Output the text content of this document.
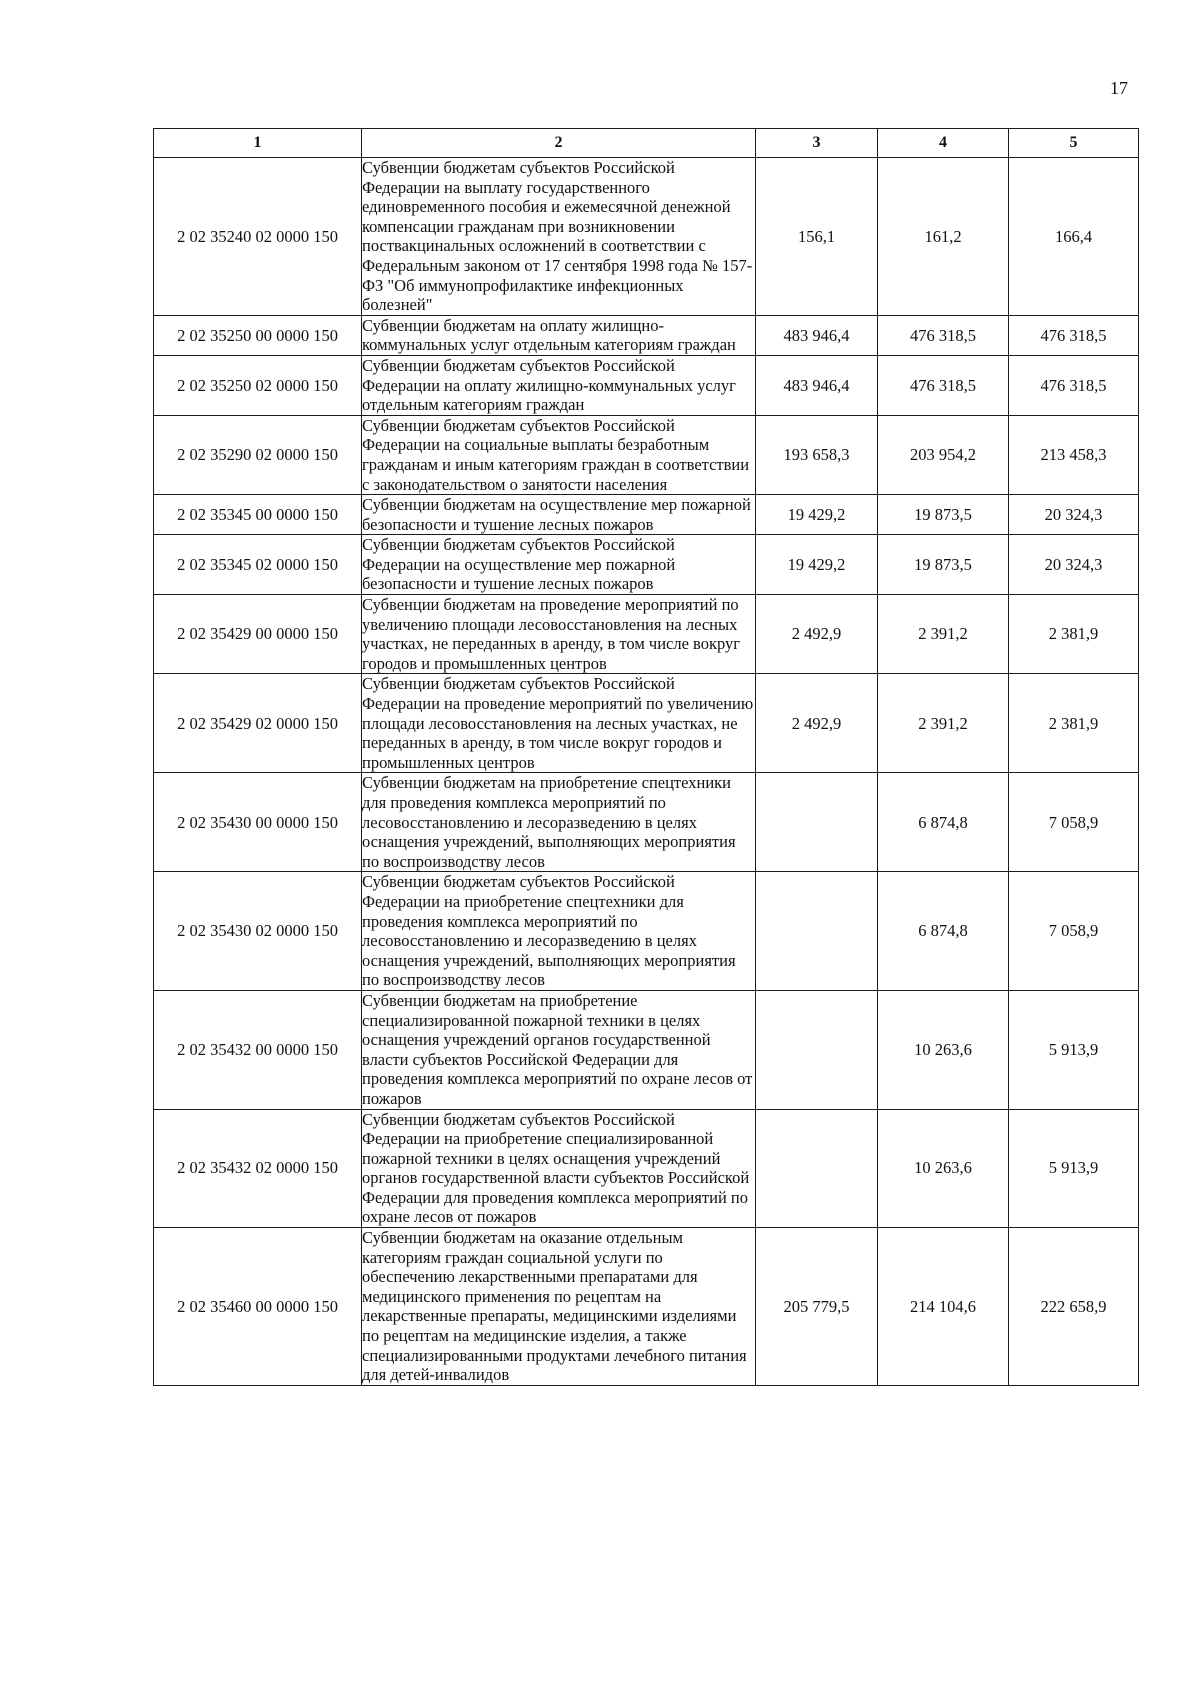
17
1	2	3	4	5
2 02 35240 02 0000 150	Субвенции бюджетам субъектов Российской Федерации на выплату государственного единовременного пособия и ежемесячной денежной компенсации гражданам при возникновении поствакцинальных осложнений в соответствии с Федеральным законом от 17 сентября 1998 года № 157-ФЗ "Об иммунопрофилактике инфекционных болезней"	156,1	161,2	166,4
2 02 35250 00 0000 150	Субвенции бюджетам на оплату жилищно-коммунальных услуг отдельным категориям граждан	483 946,4	476 318,5	476 318,5
2 02 35250 02 0000 150	Субвенции бюджетам субъектов Российской Федерации на оплату жилищно-коммунальных услуг отдельным категориям граждан	483 946,4	476 318,5	476 318,5
2 02 35290 02 0000 150	Субвенции бюджетам субъектов Российской Федерации на социальные выплаты безработным гражданам и иным категориям граждан в соответствии с законодательством о занятости населения	193 658,3	203 954,2	213 458,3
2 02 35345 00 0000 150	Субвенции бюджетам на осуществление мер пожарной безопасности и тушение лесных пожаров	19 429,2	19 873,5	20 324,3
2 02 35345 02 0000 150	Субвенции бюджетам субъектов Российской Федерации на осуществление мер пожарной безопасности и тушение лесных пожаров	19 429,2	19 873,5	20 324,3
2 02 35429 00 0000 150	Субвенции бюджетам на проведение мероприятий по увеличению площади лесовосстановления на лесных участках, не переданных в аренду, в том числе вокруг городов и промышленных центров	2 492,9	2 391,2	2 381,9
2 02 35429 02 0000 150	Субвенции бюджетам субъектов Российской Федерации на проведение мероприятий по увеличению площади лесовосстановления на лесных участках, не переданных в аренду, в том числе вокруг городов и промышленных центров	2 492,9	2 391,2	2 381,9
2 02 35430 00 0000 150	Субвенции бюджетам на приобретение спецтехники для проведения комплекса мероприятий по лесовосстановлению и лесоразведению в целях оснащения учреждений, выполняющих мероприятия по воспроизводству лесов		6 874,8	7 058,9
2 02 35430 02 0000 150	Субвенции бюджетам субъектов Российской Федерации на приобретение спецтехники для проведения комплекса мероприятий по лесовосстановлению и лесоразведению в целях оснащения учреждений, выполняющих мероприятия по воспроизводству лесов		6 874,8	7 058,9
2 02 35432 00 0000 150	Субвенции бюджетам на приобретение специализированной пожарной техники в целях оснащения учреждений органов государственной власти субъектов Российской Федерации для проведения комплекса мероприятий по охране лесов от пожаров		10 263,6	5 913,9
2 02 35432 02 0000 150	Субвенции бюджетам субъектов Российской Федерации на приобретение специализированной пожарной техники в целях оснащения учреждений органов государственной власти субъектов Российской Федерации для проведения комплекса мероприятий по охране лесов от пожаров		10 263,6	5 913,9
2 02 35460 00 0000 150	Субвенции бюджетам на оказание отдельным категориям граждан социальной услуги по обеспечению лекарственными препаратами для медицинского применения по рецептам на лекарственные препараты, медицинскими изделиями по рецептам на медицинские изделия, а также специализированными продуктами лечебного питания для детей-инвалидов	205 779,5	214 104,6	222 658,9
